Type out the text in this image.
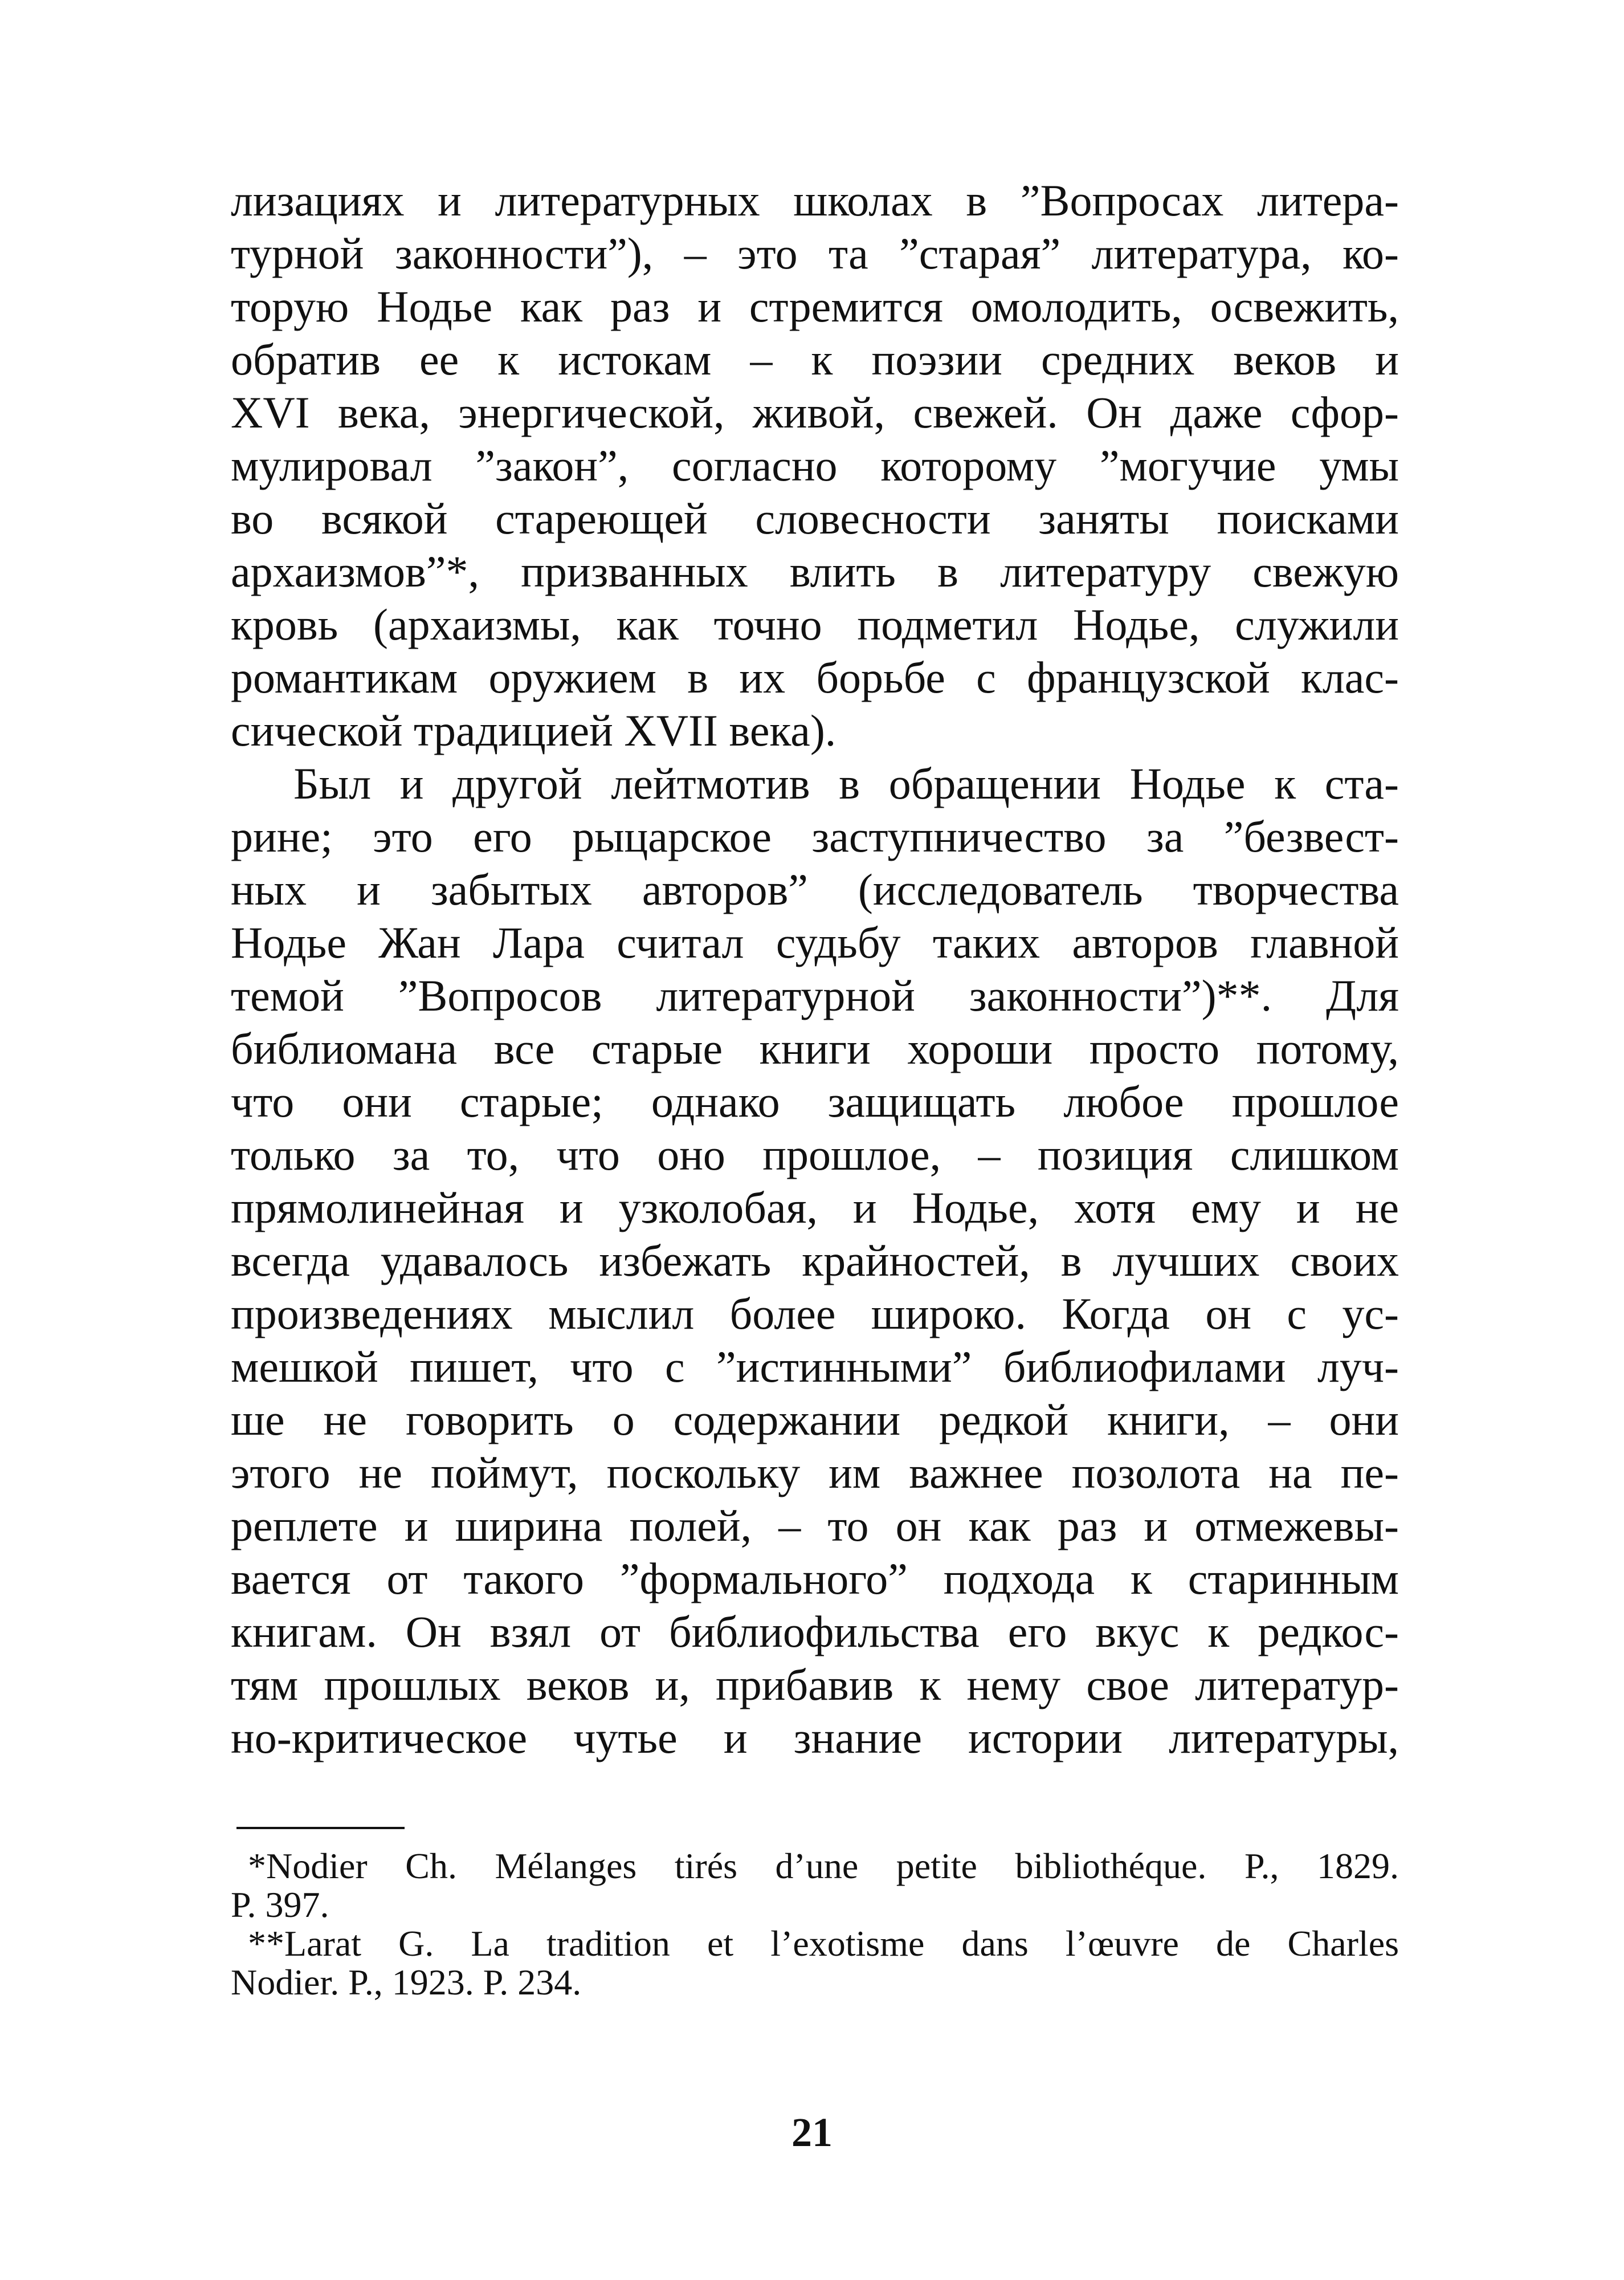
лизациях и литературных школах в ”Вопросах литера-
турной законности”), – это та ”старая” литература, ко-
торую Нодье как раз и стремится омолодить, освежить,
обратив ее к истокам – к поэзии средних веков и
XVI века, энергической, живой, свежей. Он даже сфор-
мулировал ”закон”, согласно которому ”могучие умы
во всякой стареющей словесности заняты поисками
архаизмов”*, призванных влить в литературу свежую
кровь (архаизмы, как точно подметил Нодье, служили
романтикам оружием в их борьбе с французской клас-
сической традицией XVII века).
Был и другой лейтмотив в обращении Нодье к ста-
рине; это его рыцарское заступничество за ”безвест-
ных и забытых авторов” (исследователь творчества
Нодье Жан Лара считал судьбу таких авторов главной
темой ”Вопросов литературной законности”)**. Для
библиомана все старые книги хороши просто потому,
что они старые; однако защищать любое прошлое
только за то, что оно прошлое, – позиция слишком
прямолинейная и узколобая, и Нодье, хотя ему и не
всегда удавалось избежать крайностей, в лучших своих
произведениях мыслил более широко. Когда он с ус-
мешкой пишет, что с ”истинными” библиофилами луч-
ше не говорить о содержании редкой книги, – они
этого не поймут, поскольку им важнее позолота на пе-
реплете и ширина полей, – то он как раз и отмежевы-
вается от такого ”формального” подхода к старинным
книгам. Он взял от библиофильства его вкус к редкос-
тям прошлых веков и, прибавив к нему свое литератур-
но-критическое чутье и знание истории литературы,
*Nodier Ch. Mélanges tirés d’une petite bibliothéque. P., 1829.
P. 397.
**Larat G. La tradition et l’exotisme dans l’œuvre de Charles
Nodier. P., 1923. P. 234.
21
